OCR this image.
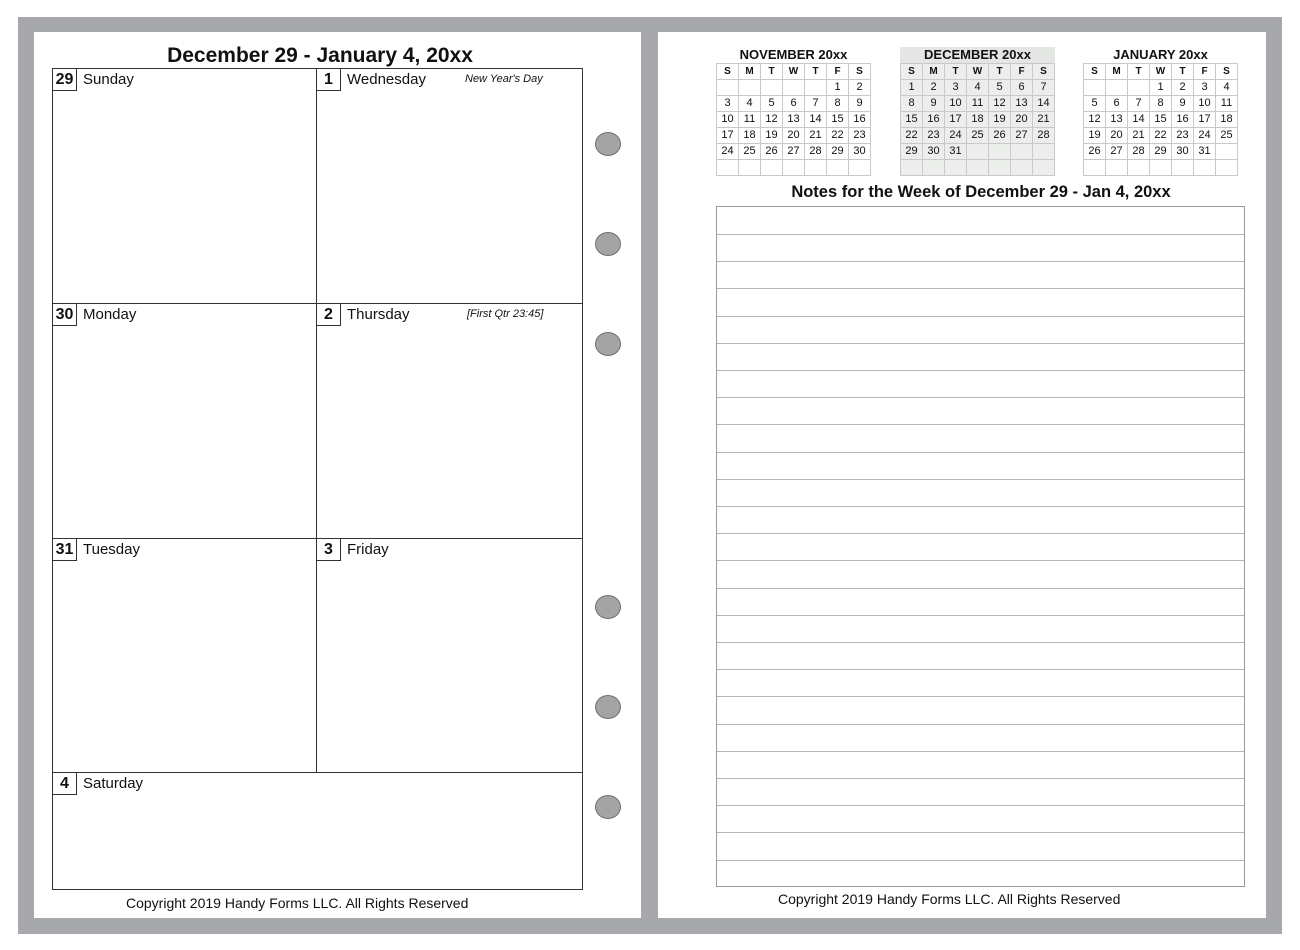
December 29 - January 4, 20xx
29 Sunday	1 Wednesday	New Year's Day
30 Monday	2 Thursday	[First Qtr 23:45]
31 Tuesday	3 Friday
4 Saturday
Copyright 2019 Handy Forms LLC. All Rights Reserved
NOVEMBER 20xx
S	M	T	W	T	F	S
					1	2
3	4	5	6	7	8	9
10	11	12	13	14	15	16
17	18	19	20	21	22	23
24	25	26	27	28	29	30

DECEMBER 20xx
S	M	T	W	T	F	S
1	2	3	4	5	6	7
8	9	10	11	12	13	14
15	16	17	18	19	20	21
22	23	24	25	26	27	28
29	30	31				

JANUARY 20xx
S	M	T	W	T	F	S
			1	2	3	4
5	6	7	8	9	10	11
12	13	14	15	16	17	18
19	20	21	22	23	24	25
26	27	28	29	30	31	

Notes for the Week of December 29 - Jan 4, 20xx
Copyright 2019 Handy Forms LLC. All Rights Reserved
